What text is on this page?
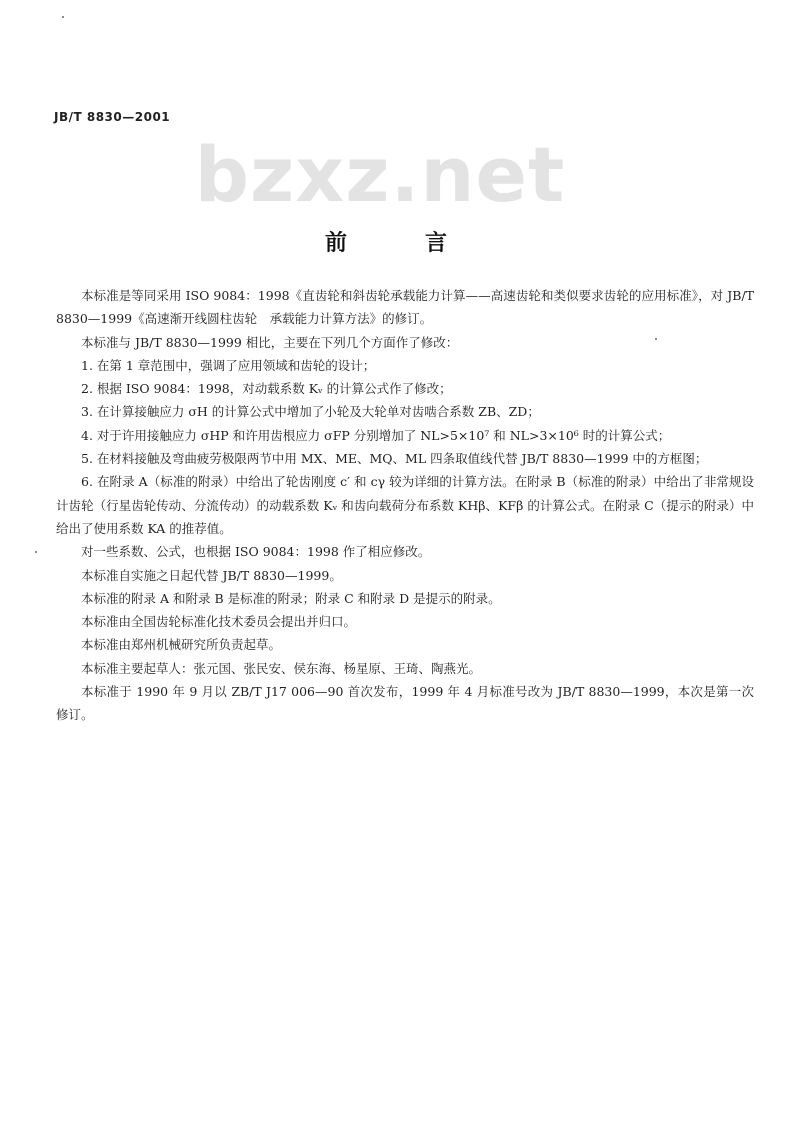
JB/T 8830—2001
bzxz.net
前　言

本标准是等同采用 ISO 9084：1998《直齿轮和斜齿轮承载能力计算——高速齿轮和类似要求齿轮的应用标准》，对 JB/T 8830—1999《高速渐开线圆柱齿轮　承载能力计算方法》的修订。

本标准与 JB/T 8830—1999 相比，主要在下列几个方面作了修改：

1. 在第 1 章范围中，强调了应用领域和齿轮的设计；

2. 根据 ISO 9084：1998，对动载系数 Kᵥ 的计算公式作了修改；

3. 在计算接触应力 σH 的计算公式中增加了小轮及大轮单对齿啮合系数 ZB、ZD；

4. 对于许用接触应力 σHP 和许用齿根应力 σFP 分别增加了 NL>5×10⁷ 和 NL>3×10⁶ 时的计算公式；

5. 在材料接触及弯曲疲劳极限两节中用 MX、ME、MQ、ML 四条取值线代替 JB/T 8830—1999 中的方框图；

6. 在附录 A（标准的附录）中给出了轮齿刚度 c′ 和 cγ 较为详细的计算方法。在附录 B（标准的附录）中给出了非常规设计齿轮（行星齿轮传动、分流传动）的动载系数 Kᵥ 和齿向载荷分布系数 KHβ、KFβ 的计算公式。在附录 C（提示的附录）中给出了使用系数 KA 的推荐值。

对一些系数、公式，也根据 ISO 9084：1998 作了相应修改。

本标准自实施之日起代替 JB/T 8830—1999。

本标准的附录 A 和附录 B 是标准的附录；附录 C 和附录 D 是提示的附录。

本标准由全国齿轮标准化技术委员会提出并归口。

本标准由郑州机械研究所负责起草。

本标准主要起草人：张元国、张民安、侯东海、杨星原、王琦、陶燕光。

本标准于 1990 年 9 月以 ZB/T J17 006—90 首次发布，1999 年 4 月标准号改为 JB/T 8830—1999，本次是第一次修订。
